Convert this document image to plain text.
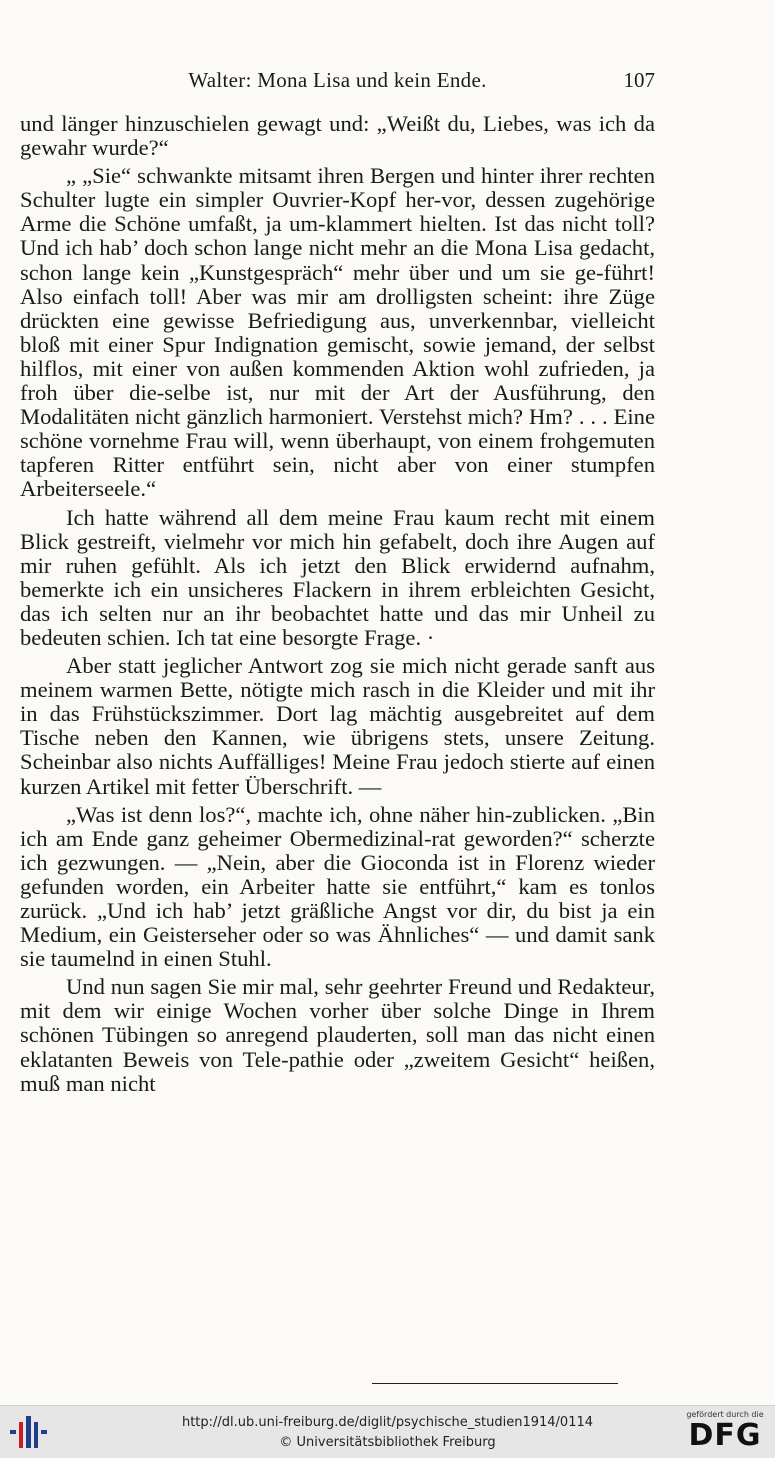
Walter: Mona Lisa und kein Ende.	107

und länger hinzuschielen gewagt und: „Weißt du, Liebes, was ich da gewahr wurde?“

„ „Sie“ schwankte mitsamt ihren Bergen und hinter ihrer rechten Schulter lugte ein simpler Ouvrier-Kopf her-vor, dessen zugehörige Arme die Schöne umfaßt, ja um-klammert hielten. Ist das nicht toll? Und ich hab’ doch schon lange nicht mehr an die Mona Lisa gedacht, schon lange kein „Kunstgespräch“ mehr über und um sie ge-führt! Also einfach toll! Aber was mir am drolligsten scheint: ihre Züge drückten eine gewisse Befriedigung aus, unverkennbar, vielleicht bloß mit einer Spur Indignation gemischt, sowie jemand, der selbst hilflos, mit einer von außen kommenden Aktion wohl zufrieden, ja froh über die-selbe ist, nur mit der Art der Ausführung, den Modalitäten nicht gänzlich harmoniert. Verstehst mich? Hm? . . . Eine schöne vornehme Frau will, wenn überhaupt, von einem frohgemuten tapferen Ritter entführt sein, nicht aber von einer stumpfen Arbeiterseele.“

Ich hatte während all dem meine Frau kaum recht mit einem Blick gestreift, vielmehr vor mich hin gefabelt, doch ihre Augen auf mir ruhen gefühlt. Als ich jetzt den Blick erwidernd aufnahm, bemerkte ich ein unsicheres Flackern in ihrem erbleichten Gesicht, das ich selten nur an ihr beobachtet hatte und das mir Unheil zu bedeuten schien. Ich tat eine besorgte Frage. ·

Aber statt jeglicher Antwort zog sie mich nicht gerade sanft aus meinem warmen Bette, nötigte mich rasch in die Kleider und mit ihr in das Frühstückszimmer. Dort lag mächtig ausgebreitet auf dem Tische neben den Kannen, wie übrigens stets, unsere Zeitung. Scheinbar also nichts Auffälliges! Meine Frau jedoch stierte auf einen kurzen Artikel mit fetter Überschrift. —

„Was ist denn los?“, machte ich, ohne näher hin-zublicken. „Bin ich am Ende ganz geheimer Obermedizinal-rat geworden?“ scherzte ich gezwungen. — „Nein, aber die Gioconda ist in Florenz wieder gefunden worden, ein Arbeiter hatte sie entführt,“ kam es tonlos zurück. „Und ich hab’ jetzt gräßliche Angst vor dir, du bist ja ein Medium, ein Geisterseher oder so was Ähnliches“ — und damit sank sie taumelnd in einen Stuhl.

Und nun sagen Sie mir mal, sehr geehrter Freund und Redakteur, mit dem wir einige Wochen vorher über solche Dinge in Ihrem schönen Tübingen so anregend plauderten, soll man das nicht einen eklatanten Beweis von Tele-pathie oder „zweitem Gesicht“ heißen, muß man nicht

http://dl.ub.uni-freiburg.de/diglit/psychische_studien1914/0114
© Universitätsbibliothek Freiburg
gefördert durch die
DFG
